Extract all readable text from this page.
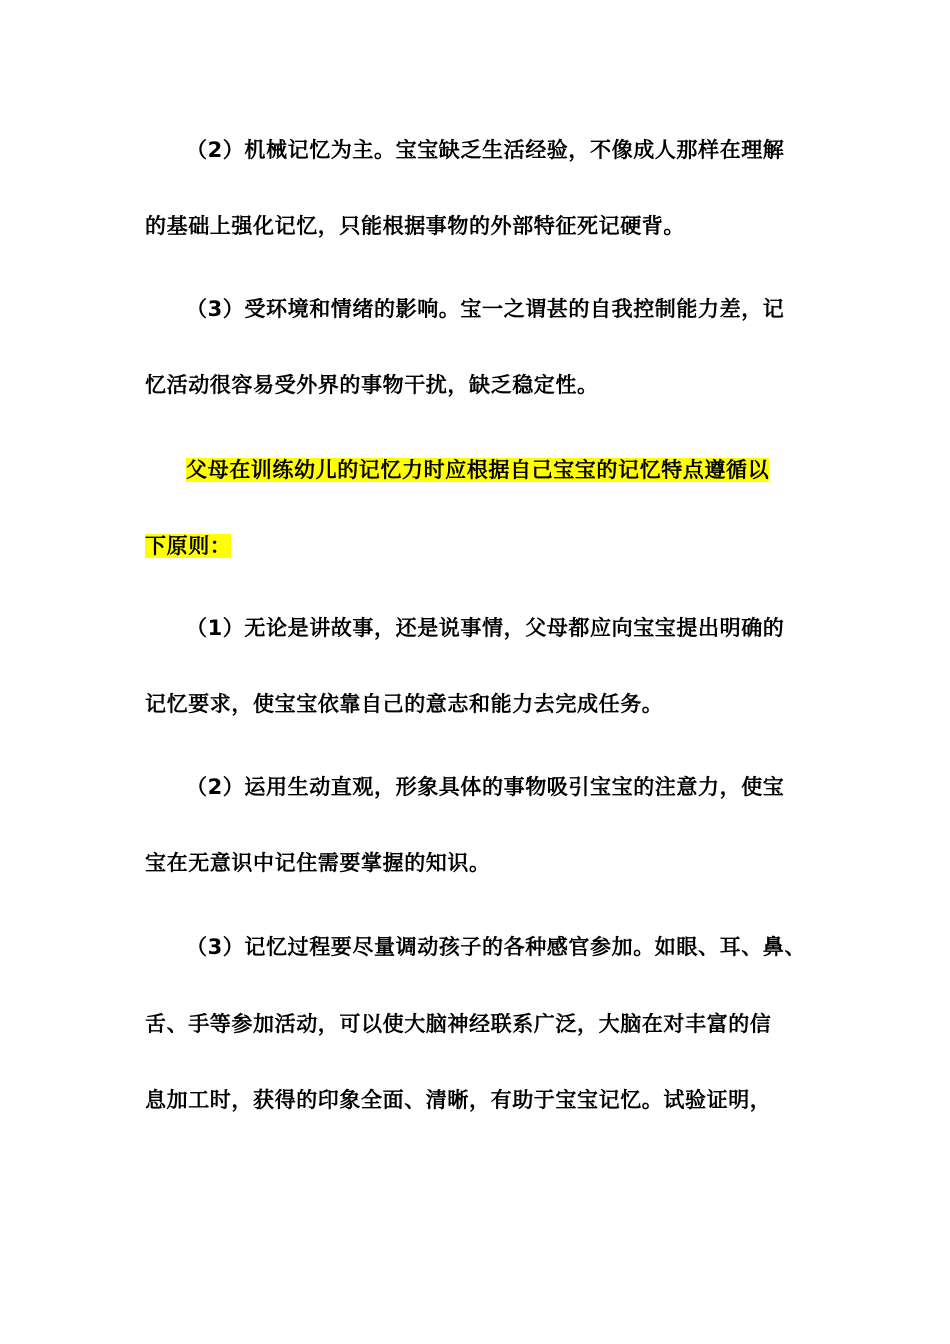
（2）机械记忆为主。宝宝缺乏生活经验，不像成人那样在理解
的基础上强化记忆，只能根据事物的外部特征死记硬背。
（3）受环境和情绪的影响。宝一之谓甚的自我控制能力差，记
忆活动很容易受外界的事物干扰，缺乏稳定性。
父母在训练幼儿的记忆力时应根据自己宝宝的记忆特点遵循以
下原则：
（1）无论是讲故事，还是说事情，父母都应向宝宝提出明确的
记忆要求，使宝宝依靠自己的意志和能力去完成任务。
（2）运用生动直观，形象具体的事物吸引宝宝的注意力，使宝
宝在无意识中记住需要掌握的知识。
（3）记忆过程要尽量调动孩子的各种感官参加。如眼、耳、鼻、
舌、手等参加活动，可以使大脑神经联系广泛，大脑在对丰富的信
息加工时，获得的印象全面、清晰，有助于宝宝记忆。试验证明，
